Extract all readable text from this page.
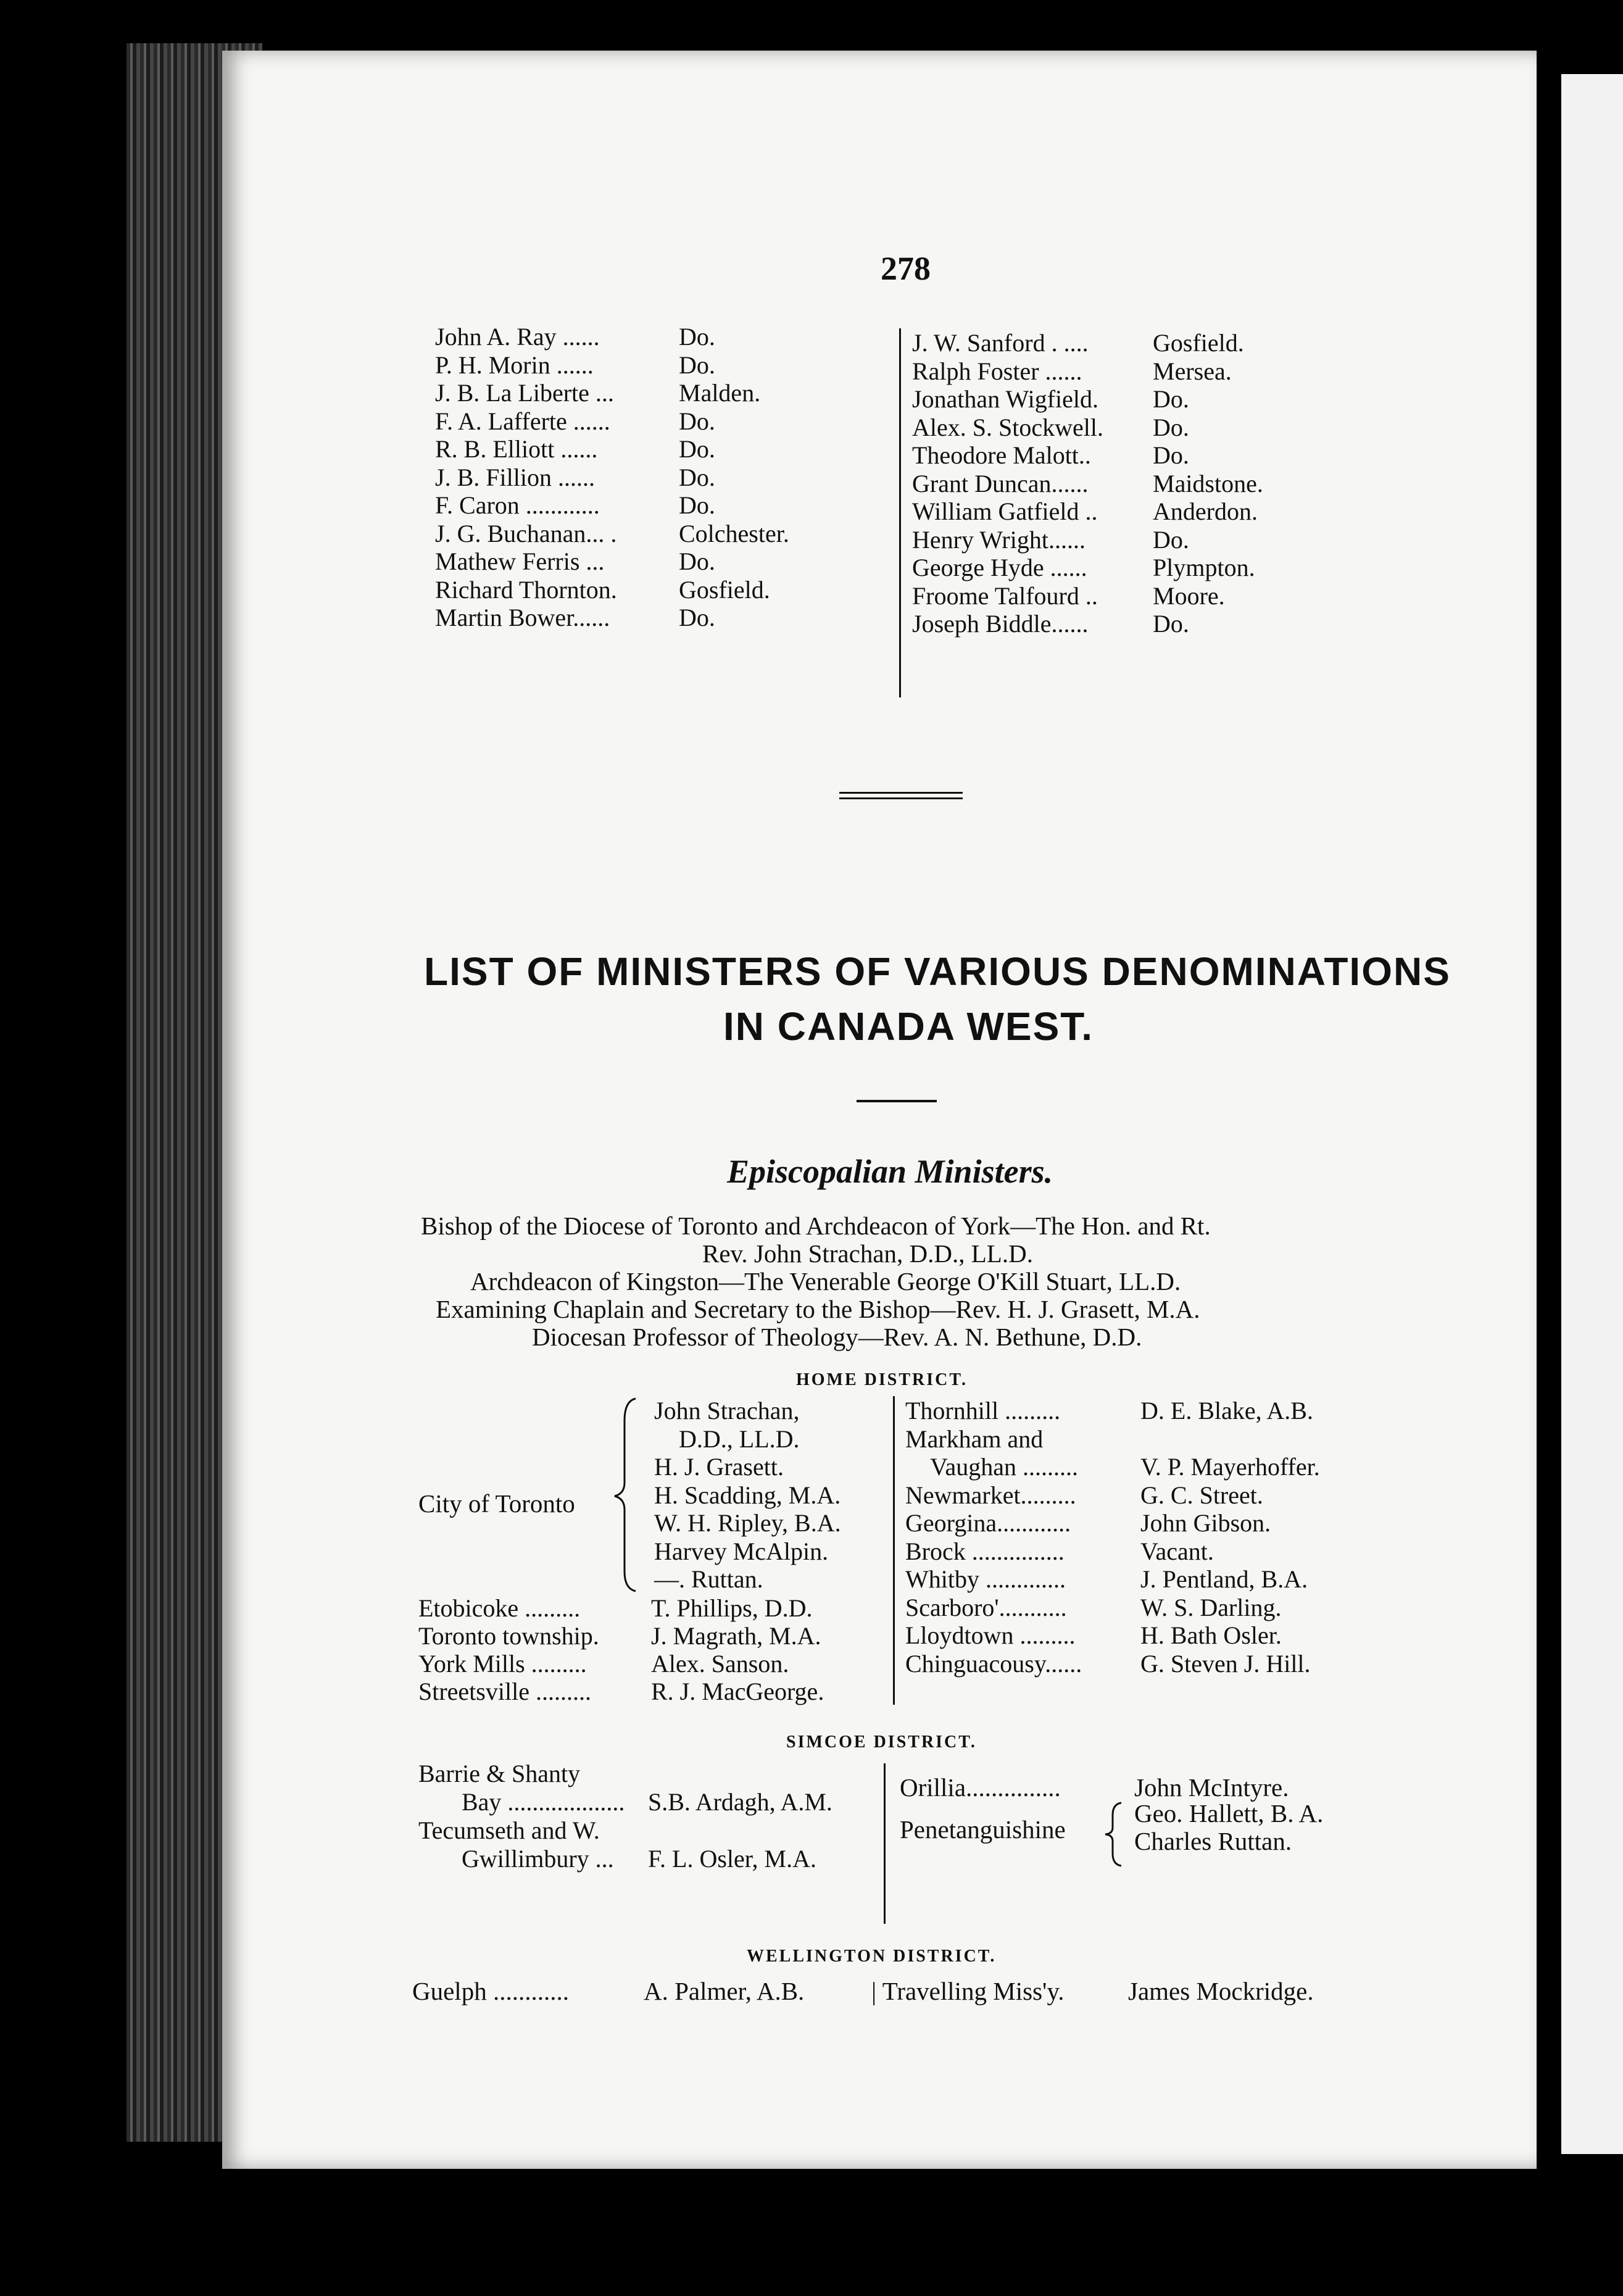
278
John A. Ray ......	Do.
P. H. Morin ......	Do.
J. B. La Liberte ...	Malden.
F. A. Lafferte ......	Do.
R. B. Elliott ......	Do.
J. B. Fillion ......	Do.
F. Caron ............	Do.
J. G. Buchanan... .	Colchester.
Mathew Ferris ...	Do.
Richard Thornton.	Gosfield.
Martin Bower......	Do.
J. W. Sanford . ....	Gosfield.
Ralph Foster ......	Mersea.
Jonathan Wigfield. Do.
Alex. S. Stockwell. Do.
Theodore Malott..	Do.
Grant Duncan......	Maidstone.
William Gatfield .. Anderdon.
Henry Wright......	Do.
George Hyde ......	Plympton.
Froome Talfourd .. Moore.
Joseph Biddle......	Do.
LIST OF MINISTERS OF VARIOUS DENOMINATIONS
IN CANADA WEST.
Episcopalian Ministers.
Bishop of the Diocese of Toronto and Archdeacon of York—The Hon. and Rt.
Rev. John Strachan, D.D., LL.D.
Archdeacon of Kingston—The Venerable George O'Kill Stuart, LL.D.
Examining Chaplain and Secretary to the Bishop—Rev. H. J. Grasett, M.A.
Diocesan Professor of Theology—Rev. A. N. Bethune, D.D.
HOME DISTRICT.
City of Toronto
John Strachan,
D.D., LL.D.
H. J. Grasett.
H. Scadding, M.A.
W. H. Ripley, B.A.
Harvey McAlpin.
—. Ruttan.
Etobicoke .........	T. Phillips, D.D.
Toronto township. J. Magrath, M.A.
York Mills .........	Alex. Sanson.
Streetsville ......... R. J. MacGeorge.
Thornhill .........	D. E. Blake, A.B.
Markham and
Vaughan .........	V. P. Mayerhoffer.
Newmarket.........	G. C. Street.
Georgina............	John Gibson.
Brock ...............	Vacant.
Whitby .............	J. Pentland, B.A.
Scarboro'...........	W. S. Darling.
Lloydtown .........	H. Bath Osler.
Chinguacousy...... G. Steven J. Hill.
SIMCOE DISTRICT.
Barrie & Shanty
Bay ................... S.B. Ardagh, A.M.
Tecumseth and W.
Gwillimbury ... F. L. Osler, M.A.
Orillia...............	John McIntyre.
Penetanguishine
Geo. Hallett, B. A.
Charles Ruttan.
WELLINGTON DISTRICT.
Guelph ............	A. Palmer, A.B.	| Travelling Miss'y.	James Mockridge.
